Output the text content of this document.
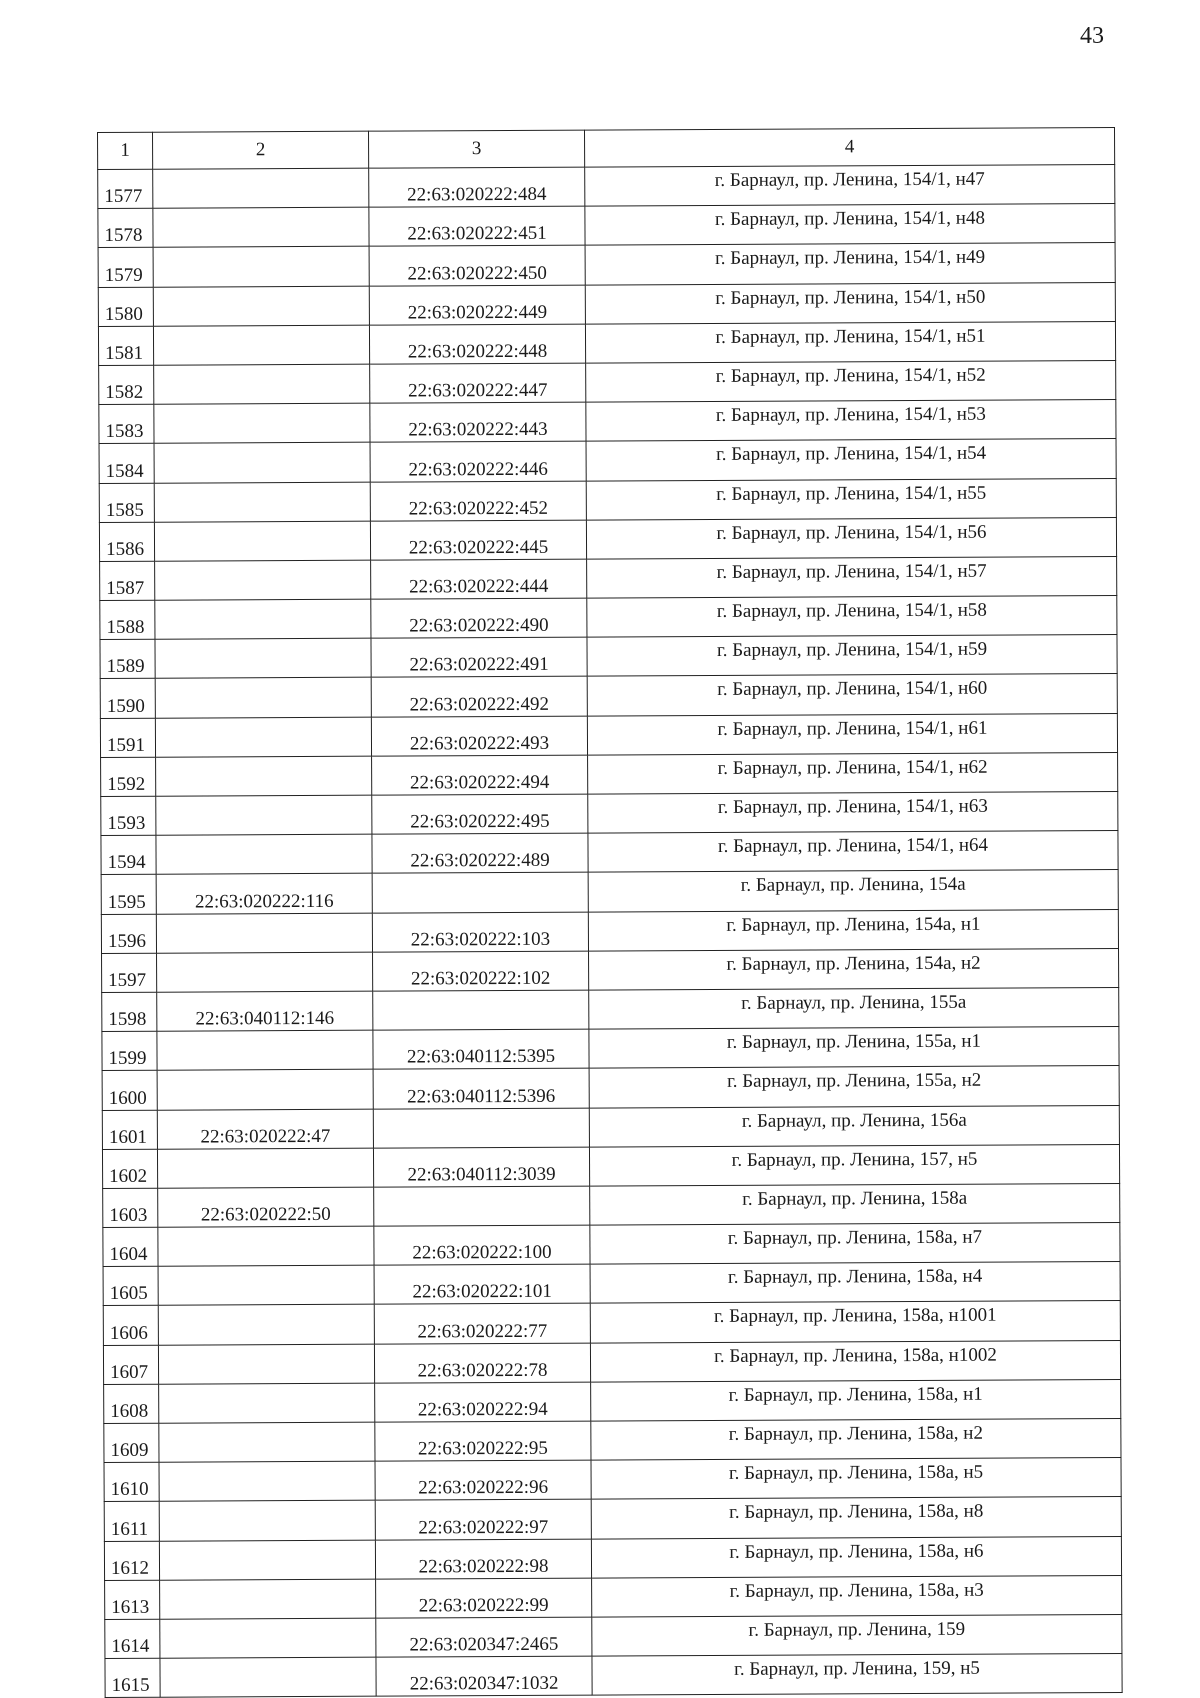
43
1	2	3	4
1577		22:63:020222:484	г. Барнаул, пр. Ленина, 154/1, н47
1578		22:63:020222:451	г. Барнаул, пр. Ленина, 154/1, н48
1579		22:63:020222:450	г. Барнаул, пр. Ленина, 154/1, н49
1580		22:63:020222:449	г. Барнаул, пр. Ленина, 154/1, н50
1581		22:63:020222:448	г. Барнаул, пр. Ленина, 154/1, н51
1582		22:63:020222:447	г. Барнаул, пр. Ленина, 154/1, н52
1583		22:63:020222:443	г. Барнаул, пр. Ленина, 154/1, н53
1584		22:63:020222:446	г. Барнаул, пр. Ленина, 154/1, н54
1585		22:63:020222:452	г. Барнаул, пр. Ленина, 154/1, н55
1586		22:63:020222:445	г. Барнаул, пр. Ленина, 154/1, н56
1587		22:63:020222:444	г. Барнаул, пр. Ленина, 154/1, н57
1588		22:63:020222:490	г. Барнаул, пр. Ленина, 154/1, н58
1589		22:63:020222:491	г. Барнаул, пр. Ленина, 154/1, н59
1590		22:63:020222:492	г. Барнаул, пр. Ленина, 154/1, н60
1591		22:63:020222:493	г. Барнаул, пр. Ленина, 154/1, н61
1592		22:63:020222:494	г. Барнаул, пр. Ленина, 154/1, н62
1593		22:63:020222:495	г. Барнаул, пр. Ленина, 154/1, н63
1594		22:63:020222:489	г. Барнаул, пр. Ленина, 154/1, н64
1595	22:63:020222:116		г. Барнаул, пр. Ленина, 154а
1596		22:63:020222:103	г. Барнаул, пр. Ленина, 154а, н1
1597		22:63:020222:102	г. Барнаул, пр. Ленина, 154а, н2
1598	22:63:040112:146		г. Барнаул, пр. Ленина, 155а
1599		22:63:040112:5395	г. Барнаул, пр. Ленина, 155а, н1
1600		22:63:040112:5396	г. Барнаул, пр. Ленина, 155а, н2
1601	22:63:020222:47		г. Барнаул, пр. Ленина, 156а
1602		22:63:040112:3039	г. Барнаул, пр. Ленина, 157, н5
1603	22:63:020222:50		г. Барнаул, пр. Ленина, 158а
1604		22:63:020222:100	г. Барнаул, пр. Ленина, 158а, н7
1605		22:63:020222:101	г. Барнаул, пр. Ленина, 158а, н4
1606		22:63:020222:77	г. Барнаул, пр. Ленина, 158а, н1001
1607		22:63:020222:78	г. Барнаул, пр. Ленина, 158а, н1002
1608		22:63:020222:94	г. Барнаул, пр. Ленина, 158а, н1
1609		22:63:020222:95	г. Барнаул, пр. Ленина, 158а, н2
1610		22:63:020222:96	г. Барнаул, пр. Ленина, 158а, н5
1611		22:63:020222:97	г. Барнаул, пр. Ленина, 158а, н8
1612		22:63:020222:98	г. Барнаул, пр. Ленина, 158а, н6
1613		22:63:020222:99	г. Барнаул, пр. Ленина, 158а, н3
1614		22:63:020347:2465	г. Барнаул, пр. Ленина, 159
1615		22:63:020347:1032	г. Барнаул, пр. Ленина, 159, н5
